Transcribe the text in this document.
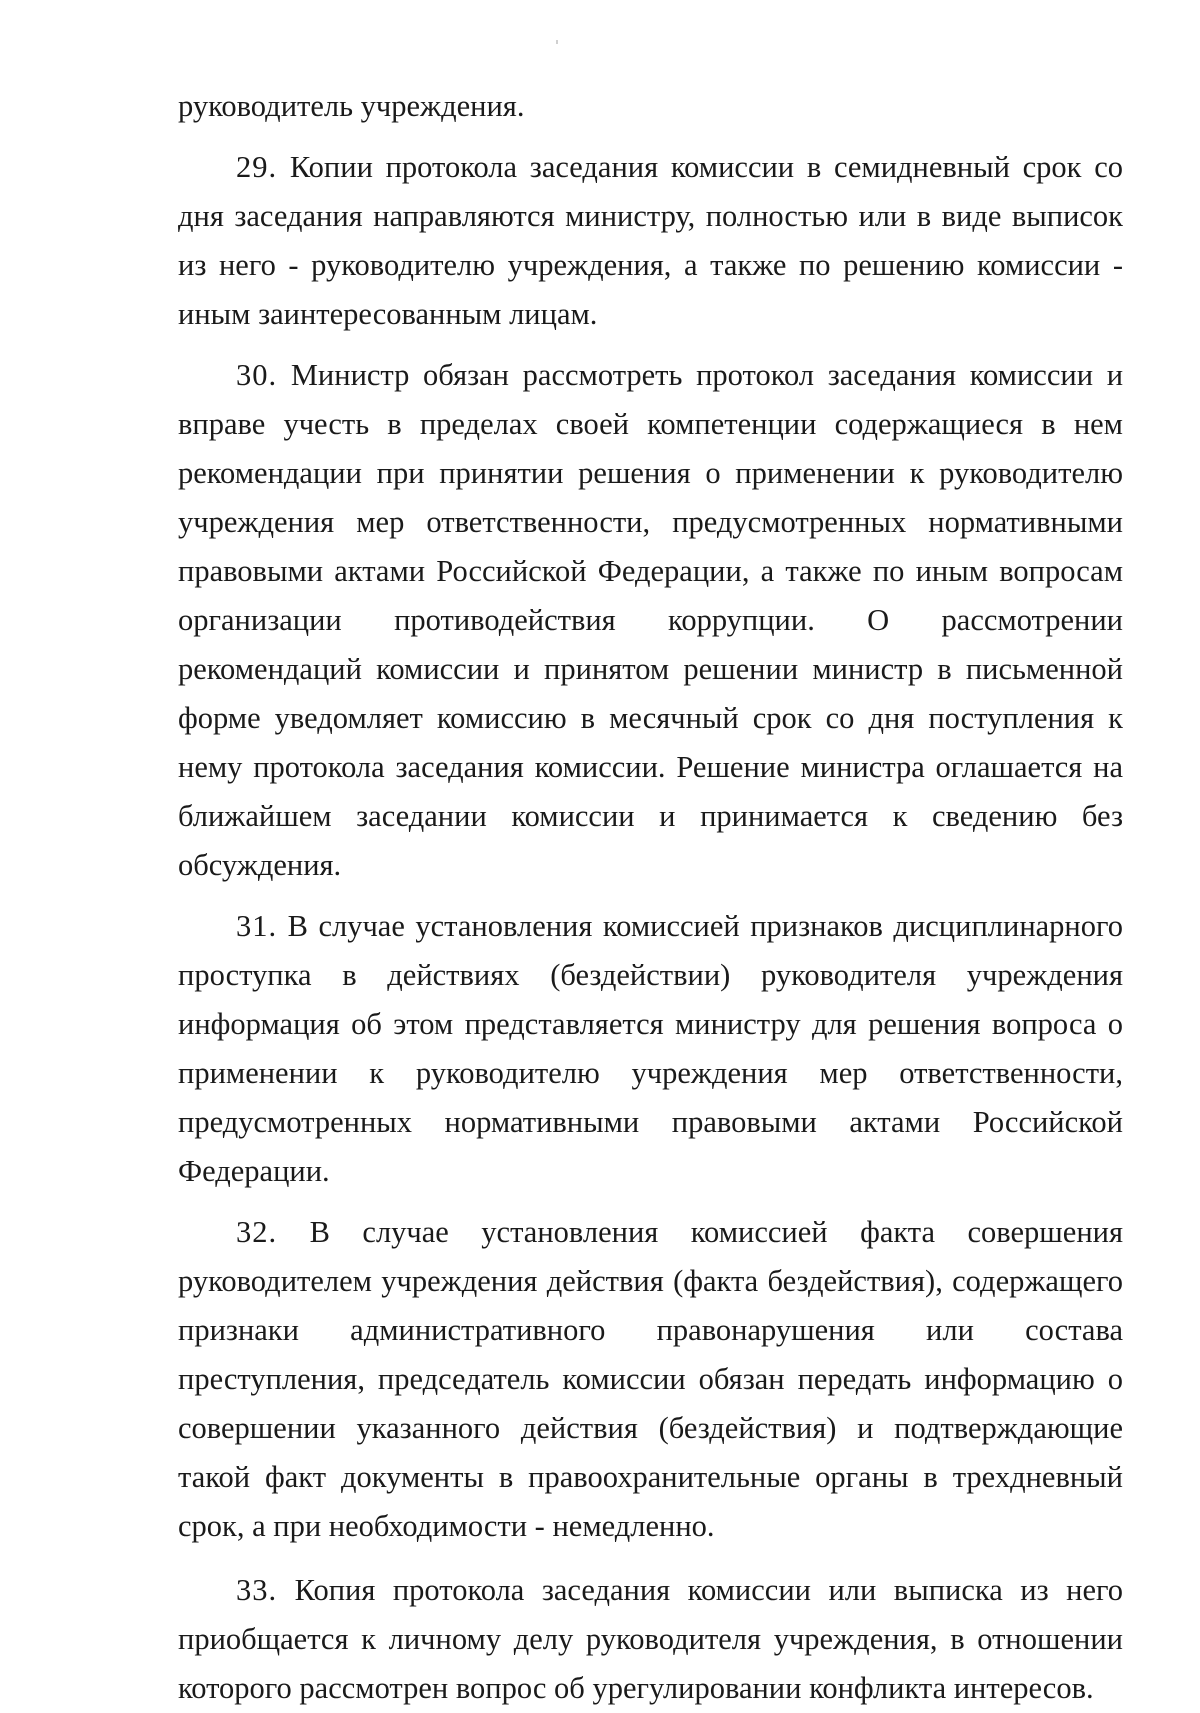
руководитель учреждения.

29. Копии протокола заседания комиссии в семидневный срок со дня заседания направляются министру, полностью или в виде выписок из него - руководителю учреждения, а также по решению комиссии - иным заинтересованным лицам.

30. Министр обязан рассмотреть протокол заседания комиссии и вправе учесть в пределах своей компетенции содержащиеся в нем рекомендации при принятии решения о применении к руководителю учреждения мер ответственности, предусмотренных нормативными правовыми актами Российской Федерации, а также по иным вопросам организации противодействия коррупции. О рассмотрении рекомендаций комиссии и принятом решении министр в письменной форме уведомляет комиссию в месячный срок со дня поступления к нему протокола заседания комиссии. Решение министра оглашается на ближайшем заседании комиссии и принимается к сведению без обсуждения.

31. В случае установления комиссией признаков дисциплинарного проступка в действиях (бездействии) руководителя учреждения информация об этом представляется министру для решения вопроса о применении к руководителю учреждения мер ответственности, предусмотренных нормативными правовыми актами Российской Федерации.

32. В случае установления комиссией факта совершения руководителем учреждения действия (факта бездействия), содержащего признаки административного правонарушения или состава преступления, председатель комиссии обязан передать информацию о совершении указанного действия (бездействия) и подтверждающие такой факт документы в правоохранительные органы в трехдневный срок, а при необходимости - немедленно.

33. Копия протокола заседания комиссии или выписка из него приобщается к личному делу руководителя учреждения, в отношении которого рассмотрен вопрос об урегулировании конфликта интересов.
